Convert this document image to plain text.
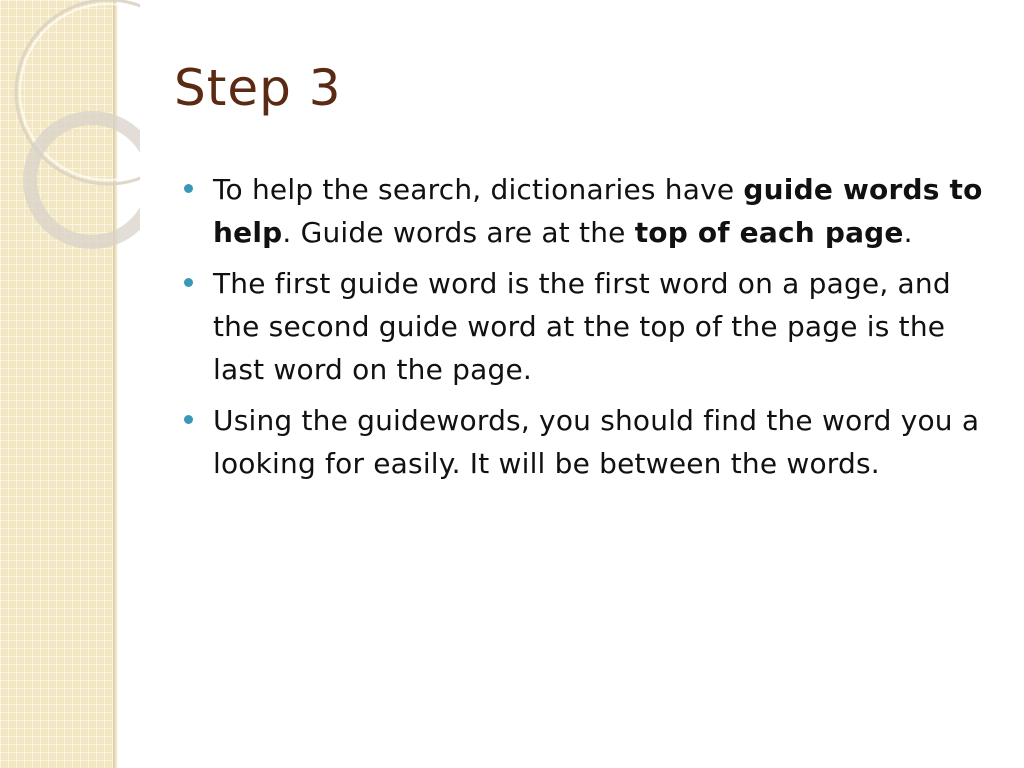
Step 3
To help the search, dictionaries have guide words to help. Guide words are at the top of each page.
The first guide word is the first word on a page, and the second guide word at the top of the page is the last word on the page.
Using the guidewords, you should find the word you a looking for easily. It will be between the words.
